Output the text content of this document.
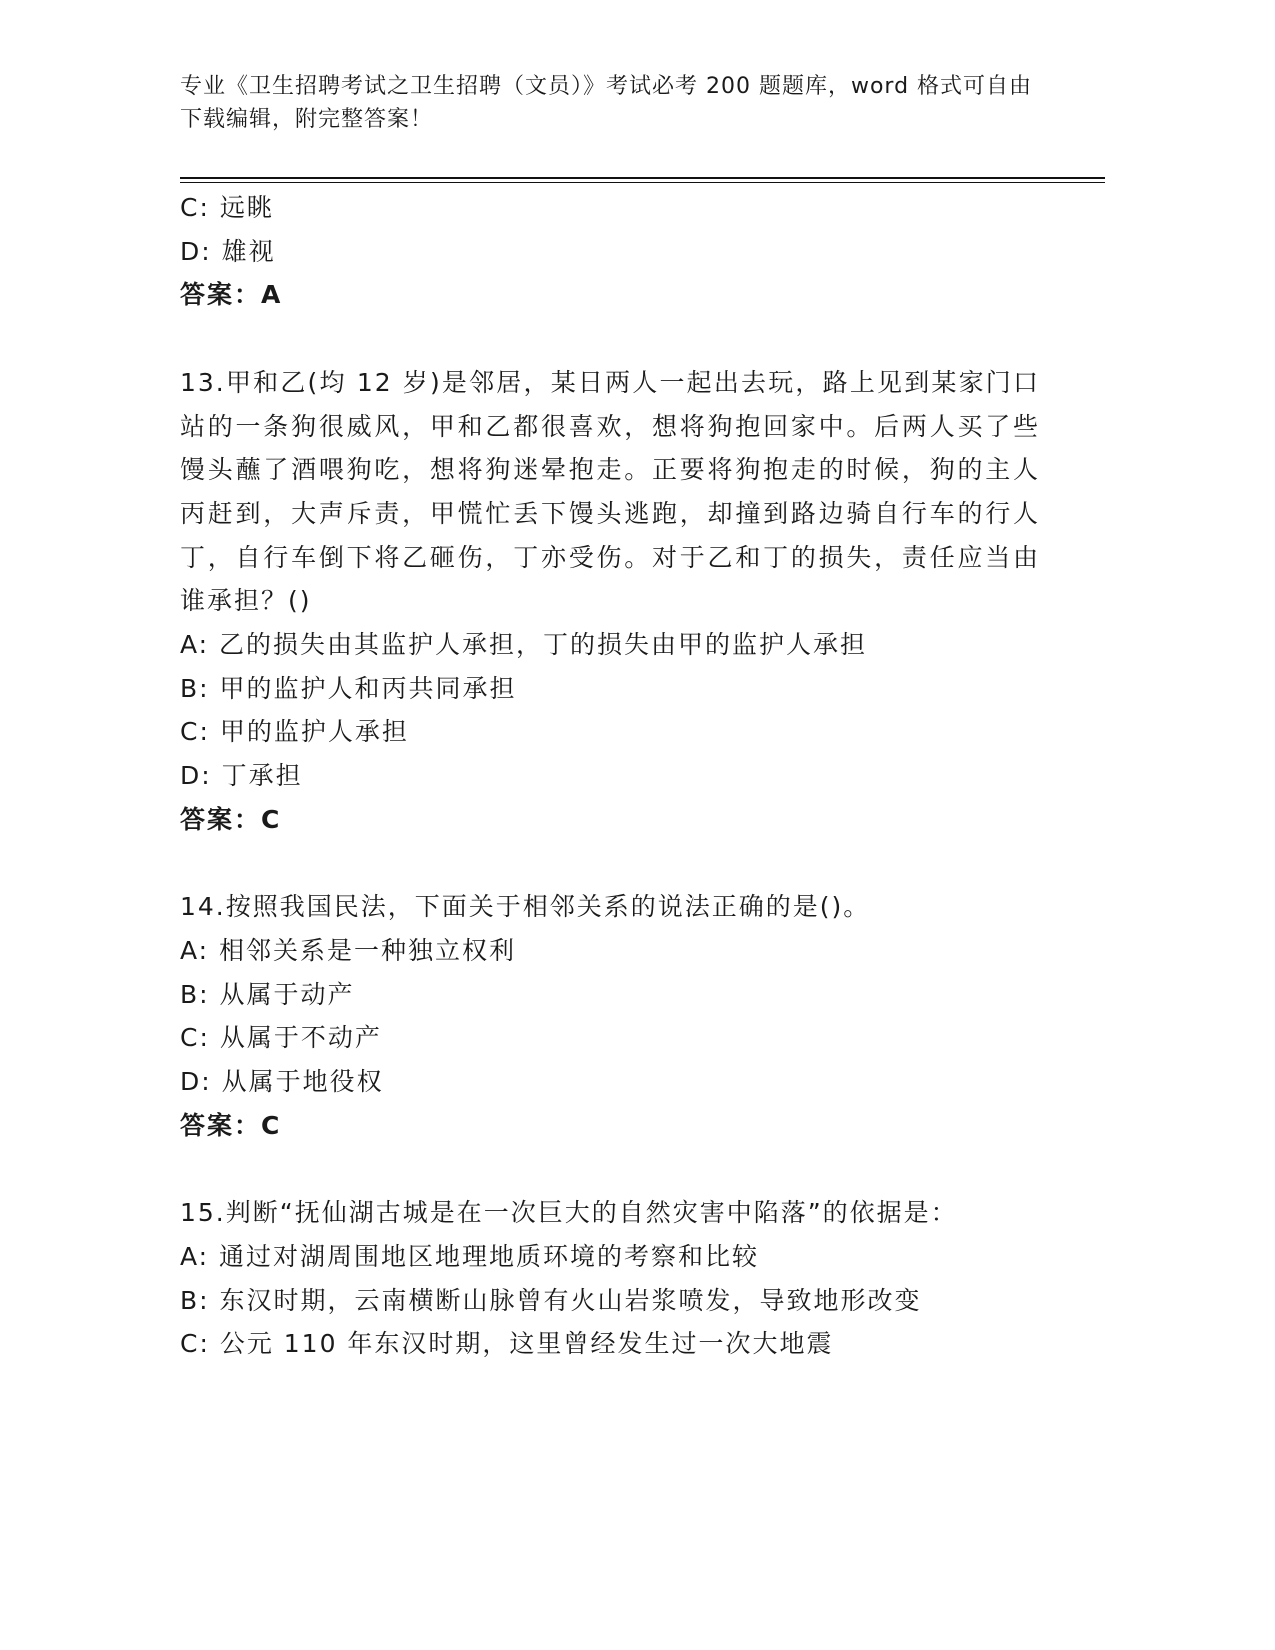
专业《卫生招聘考试之卫生招聘（文员）》考试必考 200 题题库，word 格式可自由下载编辑，附完整答案！
C: 远眺
D: 雄视
答案：A
13.甲和乙(均 12 岁)是邻居，某日两人一起出去玩，路上见到某家门口站的一条狗很威风，甲和乙都很喜欢，想将狗抱回家中。后两人买了些馒头蘸了酒喂狗吃，想将狗迷晕抱走。正要将狗抱走的时候，狗的主人丙赶到，大声斥责，甲慌忙丢下馒头逃跑，却撞到路边骑自行车的行人丁，自行车倒下将乙砸伤，丁亦受伤。对于乙和丁的损失，责任应当由谁承担？()
A: 乙的损失由其监护人承担，丁的损失由甲的监护人承担
B: 甲的监护人和丙共同承担
C: 甲的监护人承担
D: 丁承担
答案：C
14.按照我国民法，下面关于相邻关系的说法正确的是()。
A: 相邻关系是一种独立权利
B: 从属于动产
C: 从属于不动产
D: 从属于地役权
答案：C
15.判断“抚仙湖古城是在一次巨大的自然灾害中陷落”的依据是：
A: 通过对湖周围地区地理地质环境的考察和比较
B: 东汉时期，云南横断山脉曾有火山岩浆喷发，导致地形改变
C: 公元 110 年东汉时期，这里曾经发生过一次大地震
